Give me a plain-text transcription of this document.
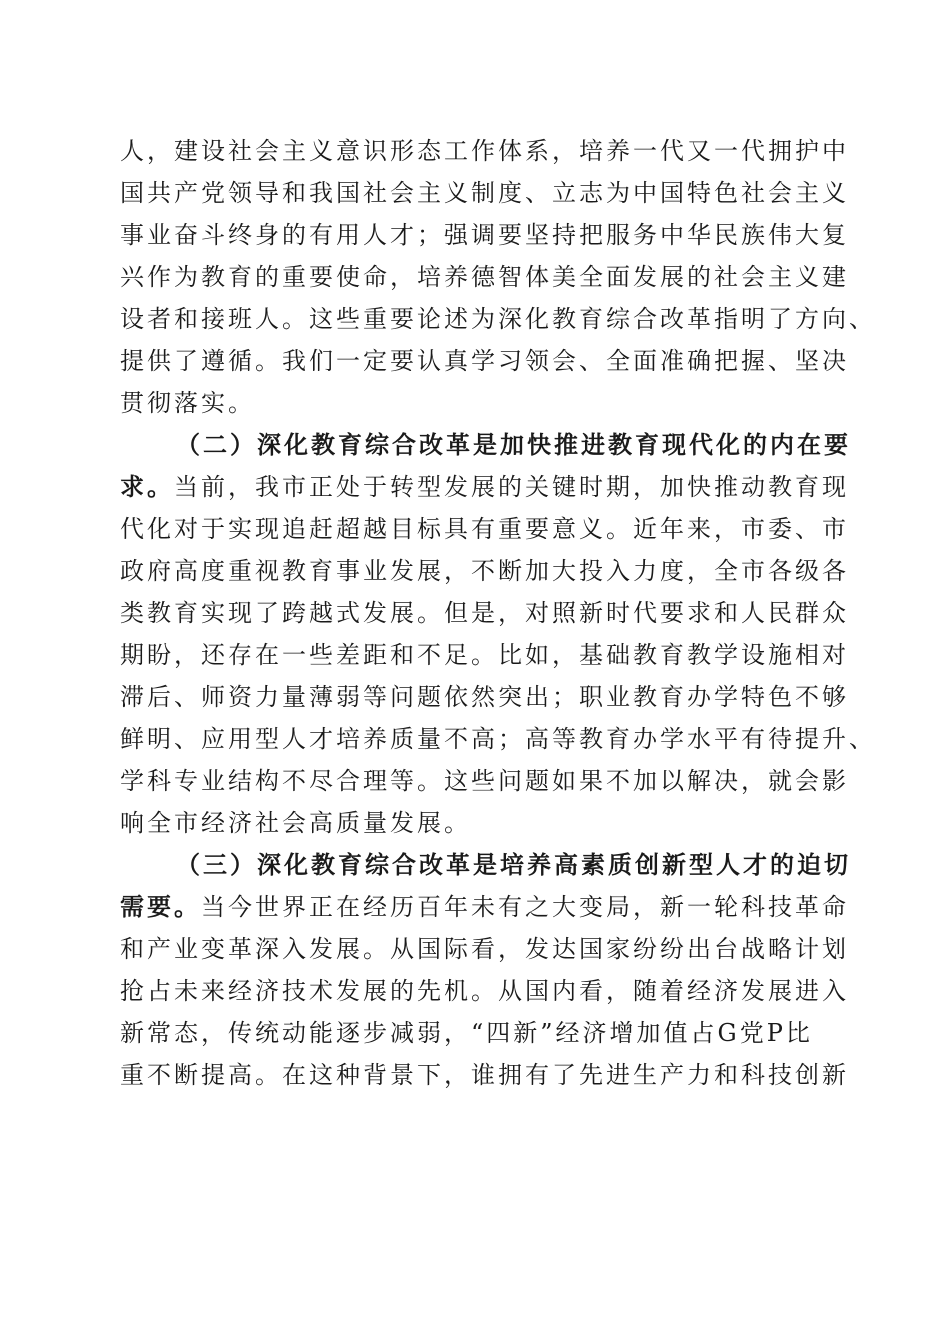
人，建设社会主义意识形态工作体系，培养一代又一代拥护中
国共产党领导和我国社会主义制度、立志为中国特色社会主义
事业奋斗终身的有用人才；强调要坚持把服务中华民族伟大复
兴作为教育的重要使命，培养德智体美全面发展的社会主义建
设者和接班人。这些重要论述为深化教育综合改革指明了方向、
提供了遵循。我们一定要认真学习领会、全面准确把握、坚决
贯彻落实。
（二）深化教育综合改革是加快推进教育现代化的内在要
求。当前，我市正处于转型发展的关键时期，加快推动教育现
代化对于实现追赶超越目标具有重要意义。近年来，市委、市
政府高度重视教育事业发展，不断加大投入力度，全市各级各
类教育实现了跨越式发展。但是，对照新时代要求和人民群众
期盼，还存在一些差距和不足。比如，基础教育教学设施相对
滞后、师资力量薄弱等问题依然突出；职业教育办学特色不够
鲜明、应用型人才培养质量不高；高等教育办学水平有待提升、
学科专业结构不尽合理等。这些问题如果不加以解决，就会影
响全市经济社会高质量发展。
（三）深化教育综合改革是培养高素质创新型人才的迫切
需要。当今世界正在经历百年未有之大变局，新一轮科技革命
和产业变革深入发展。从国际看，发达国家纷纷出台战略计划
抢占未来经济技术发展的先机。从国内看，随着经济发展进入
新常态，传统动能逐步减弱，“四新”经济增加值占G党P比
重不断提高。在这种背景下，谁拥有了先进生产力和科技创新
